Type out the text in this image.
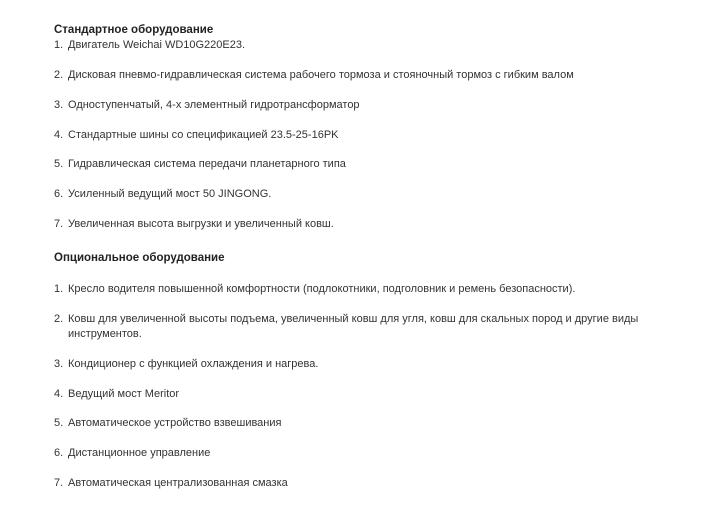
Стандартное оборудование
1. Двигатель Weichai WD10G220E23.
2. Дисковая пневмо-гидравлическая система рабочего тормоза и стояночный тормоз с гибким валом
3. Одноступенчатый, 4-х элементный гидротрансформатор
4. Стандартные шины со спецификацией 23.5-25-16PK
5. Гидравлическая система передачи планетарного типа
6. Усиленный ведущий мост 50 JINGONG.
7. Увеличенная высота выгрузки и увеличенный ковш.
Опциональное оборудование
1. Кресло водителя повышенной комфортности (подлокотники, подголовник и ремень безопасности).
2. Ковш для увеличенной высоты подъема, увеличенный ковш для угля, ковш для скальных пород и другие виды инструментов.
3. Кондиционер с функцией охлаждения и нагрева.
4. Ведущий мост Meritor
5. Автоматическое устройство взвешивания
6. Дистанционное управление
7. Автоматическая централизованная смазка
